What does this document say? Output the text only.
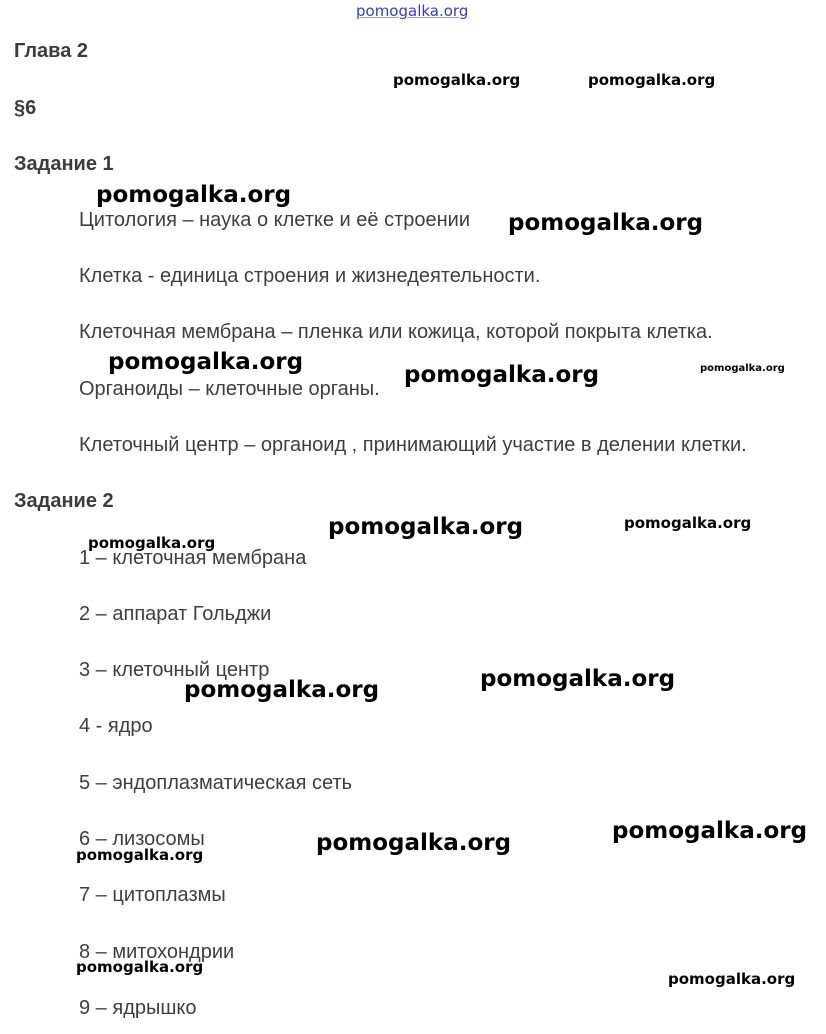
Глава 2
§6
Задание 1
Цитология – наука о клетке и её строении
Клетка - единица строения и жизнедеятельности.
Клеточная мембрана – пленка или кожица, которой покрыта клетка.
Органоиды – клеточные органы.
Клеточный центр – органоид , принимающий участие в делении клетки.
Задание 2
1 – клеточная мембрана
2 – аппарат Гольджи
3 – клеточный центр
4 - ядро
5 – эндоплазматическая сеть
6 – лизосомы
7 – цитоплазмы
8 – митохондрии
9 – ядрышко
pomogalka.org
pomogalka.org	pomogalka.org
pomogalka.org
pomogalka.org
pomogalka.org	pomogalka.org	pomogalka.org
pomogalka.org	pomogalka.org
pomogalka.org
pomogalka.org
pomogalka.org
pomogalka.org
pomogalka.org
pomogalka.org
pomogalka.org
pomogalka.org
